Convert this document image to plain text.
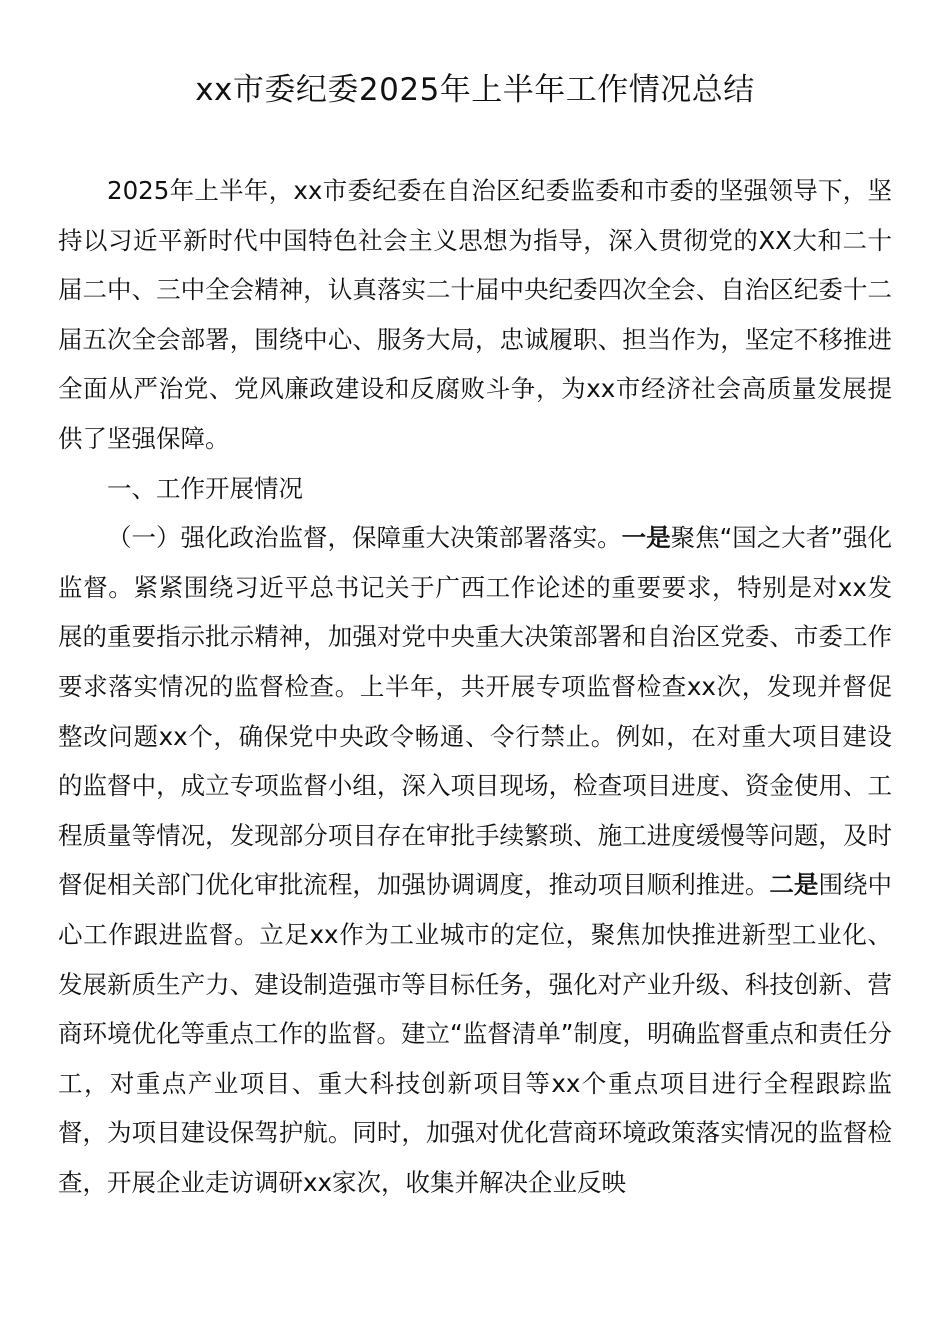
xx市委纪委2025年上半年工作情况总结

2025年上半年，xx市委纪委在自治区纪委监委和市委的坚强领导下，坚持以习近平新时代中国特色社会主义思想为指导，深入贯彻党的XX大和二十届二中、三中全会精神，认真落实二十届中央纪委四次全会、自治区纪委十二届五次全会部署，围绕中心、服务大局，忠诚履职、担当作为，坚定不移推进全面从严治党、党风廉政建设和反腐败斗争，为xx市经济社会高质量发展提供了坚强保障。

一、工作开展情况

（一）强化政治监督，保障重大决策部署落实。一是聚焦“国之大者”强化监督。紧紧围绕习近平总书记关于广西工作论述的重要要求，特别是对xx发展的重要指示批示精神，加强对党中央重大决策部署和自治区党委、市委工作要求落实情况的监督检查。上半年，共开展专项监督检查xx次，发现并督促整改问题xx个，确保党中央政令畅通、令行禁止。例如，在对重大项目建设的监督中，成立专项监督小组，深入项目现场，检查项目进度、资金使用、工程质量等情况，发现部分项目存在审批手续繁琐、施工进度缓慢等问题，及时督促相关部门优化审批流程，加强协调调度，推动项目顺利推进。二是围绕中心工作跟进监督。立足xx作为工业城市的定位，聚焦加快推进新型工业化、发展新质生产力、建设制造强市等目标任务，强化对产业升级、科技创新、营商环境优化等重点工作的监督。建立“监督清单”制度，明确监督重点和责任分工，对重点产业项目、重大科技创新项目等xx个重点项目进行全程跟踪监督，为项目建设保驾护航。同时，加强对优化营商环境政策落实情况的监督检查，开展企业走访调研xx家次，收集并解决企业反映
